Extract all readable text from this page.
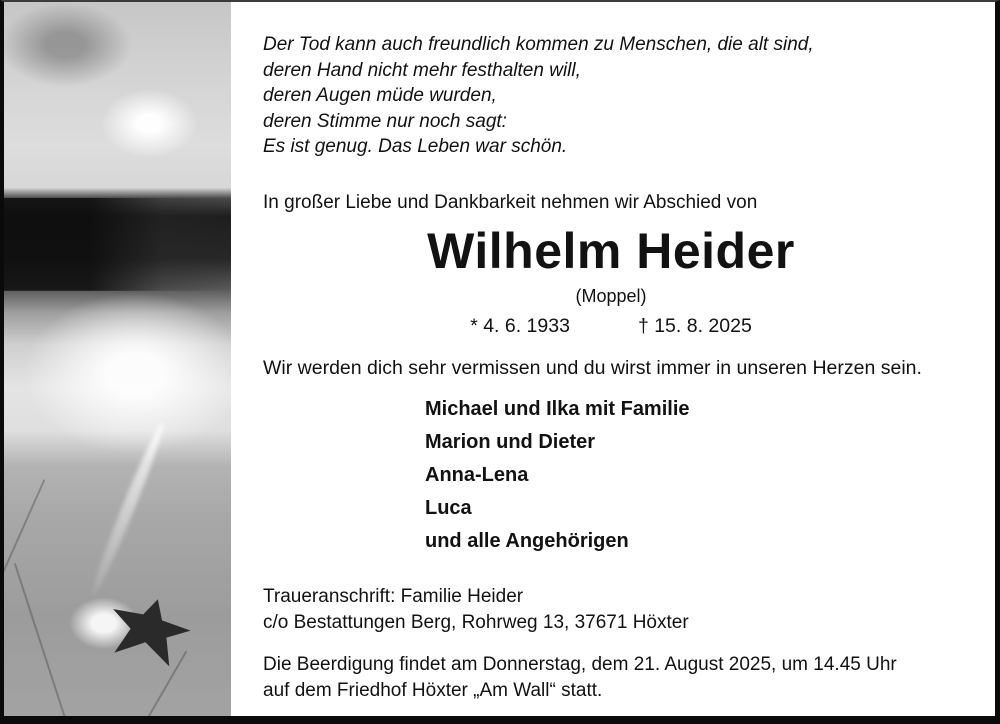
Der Tod kann auch freundlich kommen zu Menschen, die alt sind,
deren Hand nicht mehr festhalten will,
deren Augen müde wurden,
deren Stimme nur noch sagt:
Es ist genug. Das Leben war schön.
In großer Liebe und Dankbarkeit nehmen wir Abschied von
Wilhelm Heider
(Moppel)
* 4. 6. 1933	† 15. 8. 2025
Wir werden dich sehr vermissen und du wirst immer in unseren Herzen sein.
Michael und Ilka mit Familie
Marion und Dieter
Anna-Lena
Luca
und alle Angehörigen
Traueranschrift: Familie Heider
c/o Bestattungen Berg, Rohrweg 13, 37671 Höxter
Die Beerdigung findet am Donnerstag, dem 21. August 2025, um 14.45 Uhr
auf dem Friedhof Höxter „Am Wall“ statt.
